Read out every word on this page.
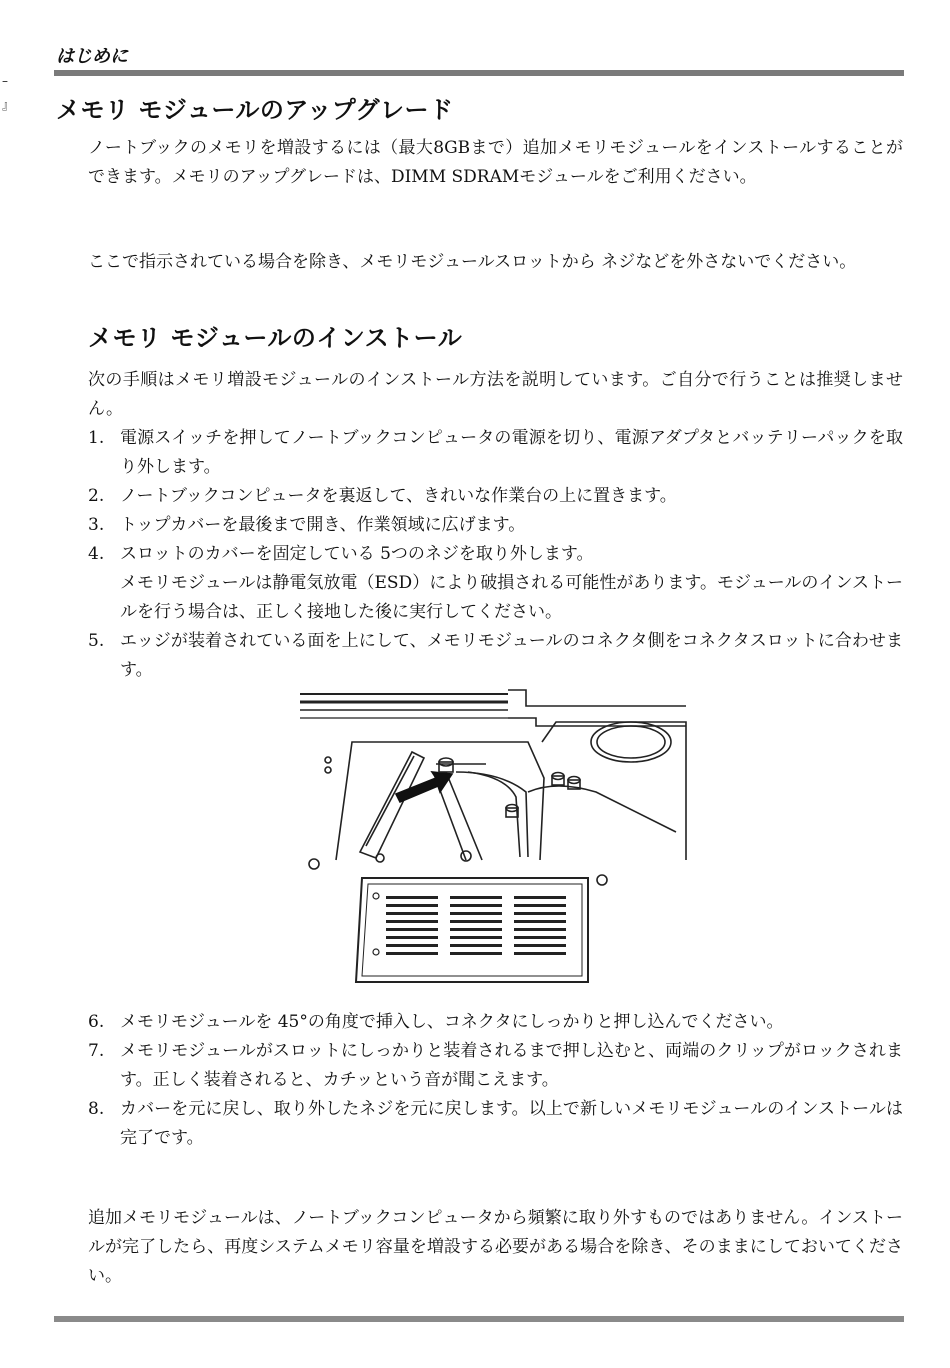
–
』
はじめに
メモリ モジュールのアップグレード

ノートブックのメモリを増設するには（最大8GBまで）追加メモリモジュールをインストールすることができます。メモリのアップグレードは、DIMM SDRAMモジュールをご利用ください。

ここで指示されている場合を除き、メモリモジュールスロットから ネジなどを外さないでください。

メモリ モジュールのインストール

次の手順はメモリ増設モジュールのインストール方法を説明しています。ご自分で行うことは推奨しません。

1. 電源スイッチを押してノートブックコンピュータの電源を切り、電源アダプタとバッテリーパックを取り外します。
2. ノートブックコンピュータを裏返して、きれいな作業台の上に置きます。
3. トップカバーを最後まで開き、作業領域に広げます。
4. スロットのカバーを固定している 5つのネジを取り外します。
メモリモジュールは静電気放電（ESD）により破損される可能性があります。モジュールのインストールを行う場合は、正しく接地した後に実行してください。
5. エッジが装着されている面を上にして、メモリモジュールのコネクタ側をコネクタスロットに合わせます。
6. メモリモジュールを 45°の角度で挿入し、コネクタにしっかりと押し込んでください。
7. メモリモジュールがスロットにしっかりと装着されるまで押し込むと、両端のクリップがロックされます。正しく装着されると、カチッという音が聞こえます。
8. カバーを元に戻し、取り外したネジを元に戻します。以上で新しいメモリモジュールのインストールは完了です。

追加メモリモジュールは、ノートブックコンピュータから頻繁に取り外すものではありません。インストールが完了したら、再度システムメモリ容量を増設する必要がある場合を除き、そのままにしておいてください。
